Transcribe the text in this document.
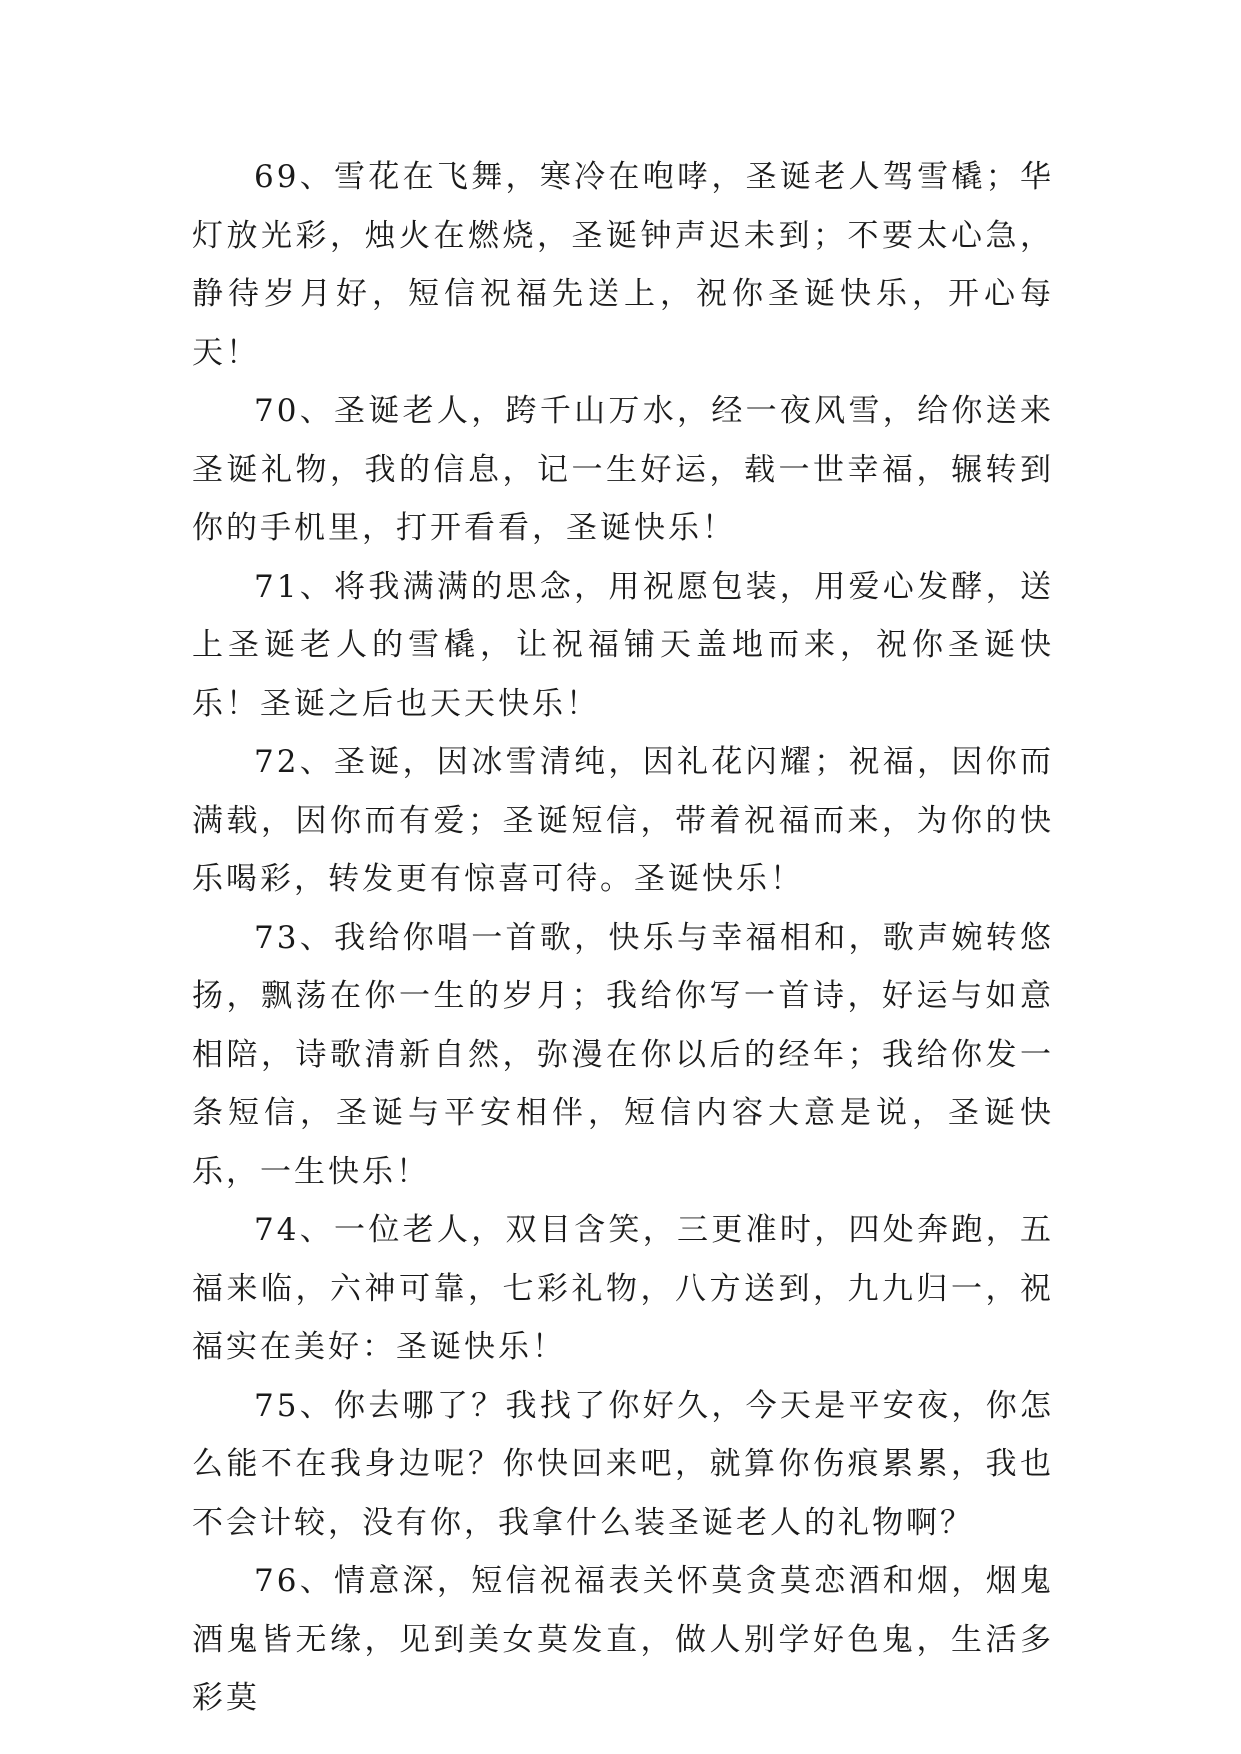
69、雪花在飞舞，寒冷在咆哮，圣诞老人驾雪橇；华灯放光彩，烛火在燃烧，圣诞钟声迟未到；不要太心急，静待岁月好，短信祝福先送上，祝你圣诞快乐，开心每天！

70、圣诞老人，跨千山万水，经一夜风雪，给你送来圣诞礼物，我的信息，记一生好运，载一世幸福，辗转到你的手机里，打开看看，圣诞快乐！

71、将我满满的思念，用祝愿包装，用爱心发酵，送上圣诞老人的雪橇，让祝福铺天盖地而来，祝你圣诞快乐！圣诞之后也天天快乐！

72、圣诞，因冰雪清纯，因礼花闪耀；祝福，因你而满载，因你而有爱；圣诞短信，带着祝福而来，为你的快乐喝彩，转发更有惊喜可待。圣诞快乐！

73、我给你唱一首歌，快乐与幸福相和，歌声婉转悠扬，飘荡在你一生的岁月；我给你写一首诗，好运与如意相陪，诗歌清新自然，弥漫在你以后的经年；我给你发一条短信，圣诞与平安相伴，短信内容大意是说，圣诞快乐，一生快乐！

74、一位老人，双目含笑，三更准时，四处奔跑，五福来临，六神可靠，七彩礼物，八方送到，九九归一，祝福实在美好：圣诞快乐！

75、你去哪了？我找了你好久，今天是平安夜，你怎么能不在我身边呢？你快回来吧，就算你伤痕累累，我也不会计较，没有你，我拿什么装圣诞老人的礼物啊？

76、情意深，短信祝福表关怀莫贪莫恋酒和烟，烟鬼酒鬼皆无缘，见到美女莫发直，做人别学好色鬼，生活多彩莫
